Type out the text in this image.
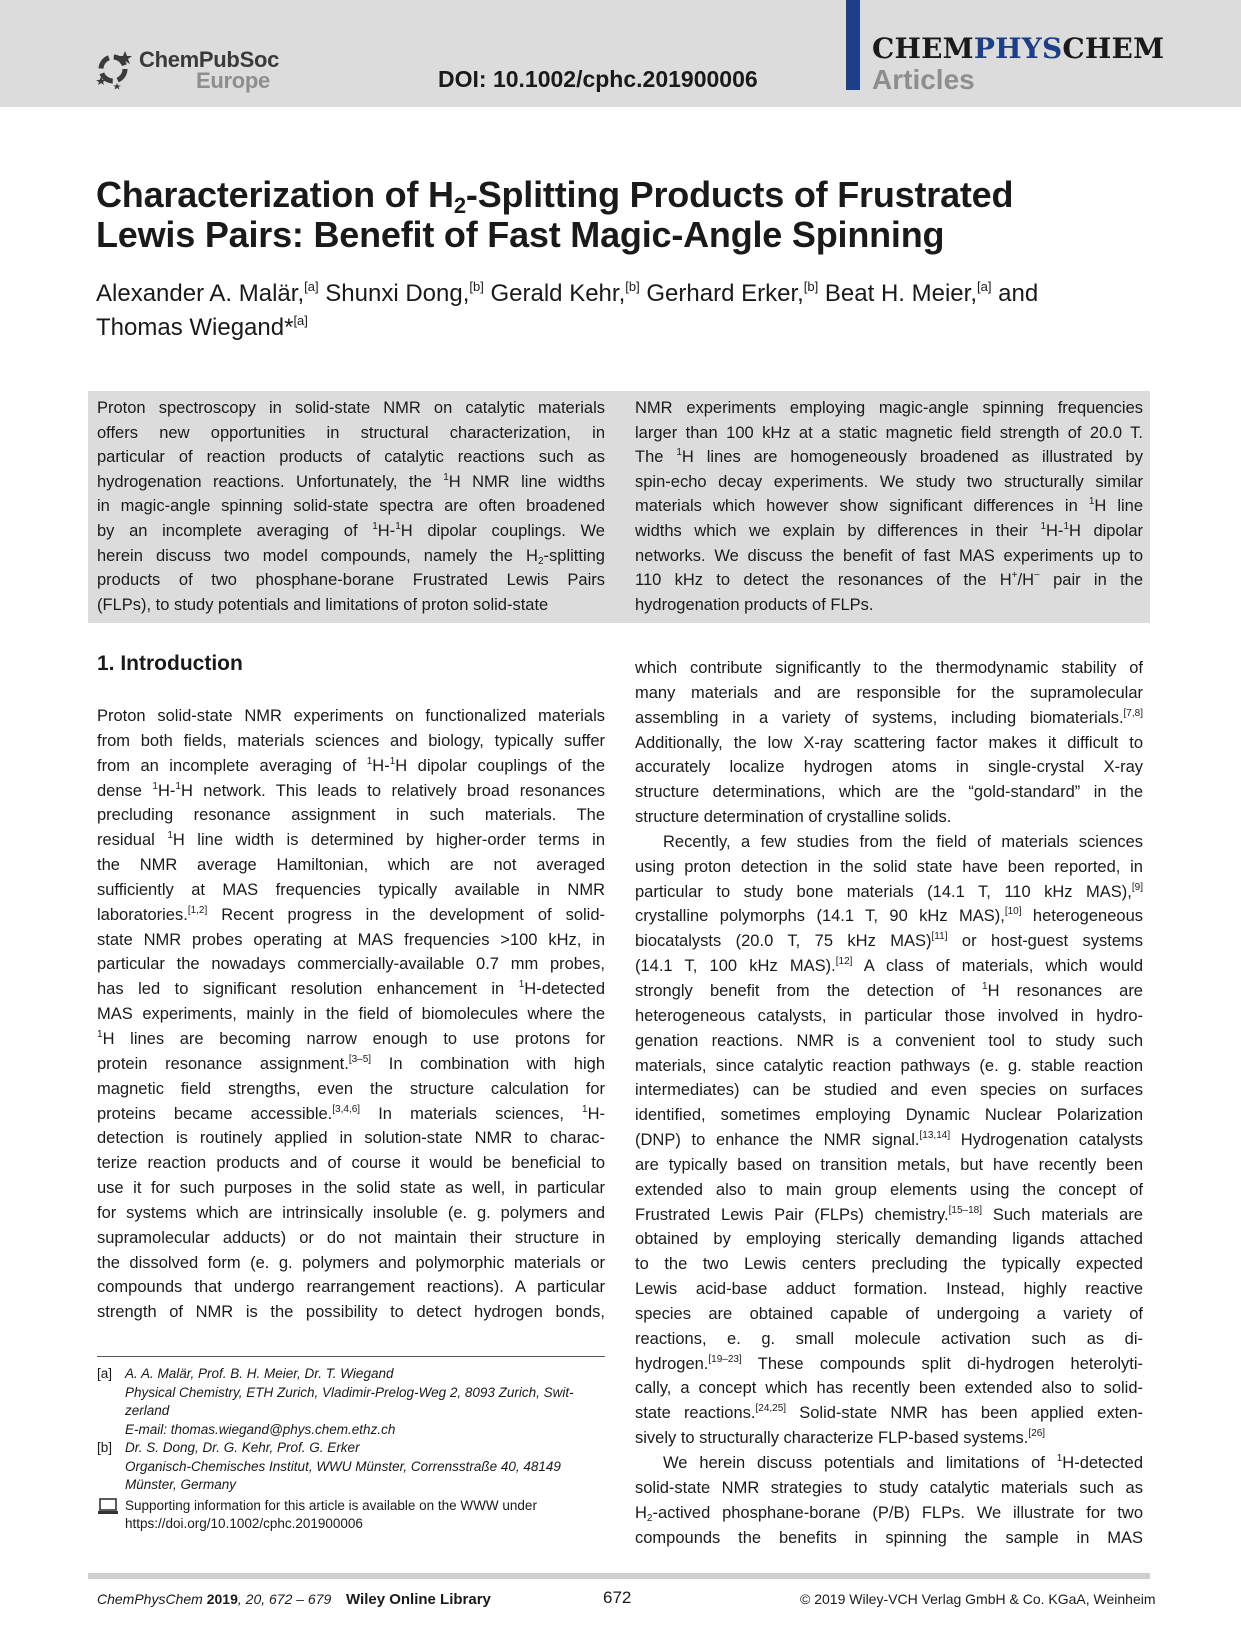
ChemPubSoc
Europe	DOI: 10.1002/cphc.201900006
CHEMPHYSCHEM
Articles
Characterization of $H_2$-Splitting Products of Frustrated
Lewis Pairs: Benefit of Fast Magic-Angle Spinning
Alexander A. Malär,[a] Shunxi Dong,[b] Gerald Kehr,[b] Gerhard Erker,[b] Beat H. Meier,[a] and
Thomas Wiegand*[a]
Proton spectroscopy in solid-state NMR on catalytic materials
offers new opportunities in structural characterization, in
particular of reaction products of catalytic reactions such as
hydrogenation reactions. Unfortunately, the $^1$H NMR line widths
in magic-angle spinning solid-state spectra are often broadened
by an incomplete averaging of $^1$H-$^1$H dipolar couplings. We
herein discuss two model compounds, namely the $H_2$-splitting
products of two phosphane-borane Frustrated Lewis Pairs
(FLPs), to study potentials and limitations of proton solid-state
NMR experiments employing magic-angle spinning frequencies
larger than 100 kHz at a static magnetic field strength of 20.0 T.
The $^1$H lines are homogeneously broadened as illustrated by
spin-echo decay experiments. We study two structurally similar
materials which however show significant differences in $^1$H line
widths which we explain by differences in their $^1$H-$^1$H dipolar
networks. We discuss the benefit of fast MAS experiments up to
110 kHz to detect the resonances of the H+/H− pair in the
hydrogenation products of FLPs.
1. Introduction
Proton solid-state NMR experiments on functionalized materials
from both fields, materials sciences and biology, typically suffer
from an incomplete averaging of $^1$H-$^1$H dipolar couplings of the
dense $^1$H-$^1$H network. This leads to relatively broad resonances
precluding resonance assignment in such materials. The
residual $^1$H line width is determined by higher-order terms in
the NMR average Hamiltonian, which are not averaged
sufficiently at MAS frequencies typically available in NMR
laboratories.[1,2] Recent progress in the development of solid-
state NMR probes operating at MAS frequencies >100 kHz, in
particular the nowadays commercially-available 0.7 mm probes,
has led to significant resolution enhancement in $^1$H-detected
MAS experiments, mainly in the field of biomolecules where the
$^1$H lines are becoming narrow enough to use protons for
protein resonance assignment.[3–5] In combination with high
magnetic field strengths, even the structure calculation for
proteins became accessible.[3,4,6] In materials sciences, $^1$H-
detection is routinely applied in solution-state NMR to charac-
terize reaction products and of course it would be beneficial to
use it for such purposes in the solid state as well, in particular
for systems which are intrinsically insoluble (e. g. polymers and
supramolecular adducts) or do not maintain their structure in
the dissolved form (e. g. polymers and polymorphic materials or
compounds that undergo rearrangement reactions). A particular
strength of NMR is the possibility to detect hydrogen bonds,
which contribute significantly to the thermodynamic stability of
many materials and are responsible for the supramolecular
assembling in a variety of systems, including biomaterials.[7,8]
Additionally, the low X-ray scattering factor makes it difficult to
accurately localize hydrogen atoms in single-crystal X-ray
structure determinations, which are the “gold-standard” in the
structure determination of crystalline solids.
Recently, a few studies from the field of materials sciences
using proton detection in the solid state have been reported, in
particular to study bone materials (14.1 T, 110 kHz MAS),[9]
crystalline polymorphs (14.1 T, 90 kHz MAS),[10] heterogeneous
biocatalysts (20.0 T, 75 kHz MAS)[11] or host-guest systems
(14.1 T, 100 kHz MAS).[12] A class of materials, which would
strongly benefit from the detection of $^1$H resonances are
heterogeneous catalysts, in particular those involved in hydro-
genation reactions. NMR is a convenient tool to study such
materials, since catalytic reaction pathways (e. g. stable reaction
intermediates) can be studied and even species on surfaces
identified, sometimes employing Dynamic Nuclear Polarization
(DNP) to enhance the NMR signal.[13,14] Hydrogenation catalysts
are typically based on transition metals, but have recently been
extended also to main group elements using the concept of
Frustrated Lewis Pair (FLPs) chemistry.[15–18] Such materials are
obtained by employing sterically demanding ligands attached
to the two Lewis centers precluding the typically expected
Lewis acid-base adduct formation. Instead, highly reactive
species are obtained capable of undergoing a variety of
reactions, e. g. small molecule activation such as di-
hydrogen.[19–23] These compounds split di-hydrogen heterolyti-
cally, a concept which has recently been extended also to solid-
state reactions.[24,25] Solid-state NMR has been applied exten-
sively to structurally characterize FLP-based systems.[26]
We herein discuss potentials and limitations of $^1$H-detected
solid-state NMR strategies to study catalytic materials such as
$H_2$-actived phosphane-borane (P/B) FLPs. We illustrate for two
compounds the benefits in spinning the sample in MAS
[a] A. A. Malär, Prof. B. H. Meier, Dr. T. Wiegand
Physical Chemistry, ETH Zurich, Vladimir-Prelog-Weg 2, 8093 Zurich, Swit-
zerland
E-mail: thomas.wiegand@phys.chem.ethz.ch
[b] Dr. S. Dong, Dr. G. Kehr, Prof. G. Erker
Organisch-Chemisches Institut, WWU Münster, Corrensstraße 40, 48149
Münster, Germany
Supporting information for this article is available on the WWW under
https://doi.org/10.1002/cphc.201900006
ChemPhysChem 2019, 20, 672 – 679 Wiley Online Library	672	© 2019 Wiley-VCH Verlag GmbH & Co. KGaA, Weinheim
